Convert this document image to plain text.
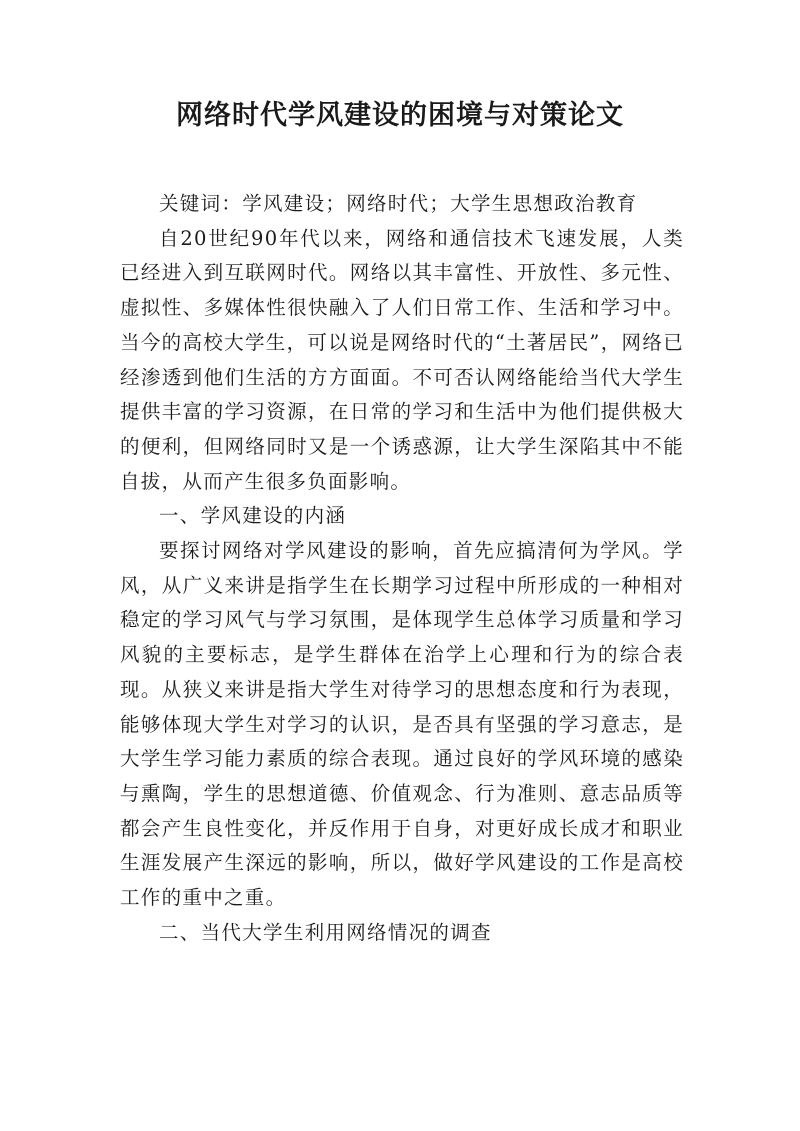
网络时代学风建设的困境与对策论文

关键词：学风建设；网络时代；大学生思想政治教育

自20世纪90年代以来，网络和通信技术飞速发展，人类已经进入到互联网时代。网络以其丰富性、开放性、多元性、虚拟性、多媒体性很快融入了人们日常工作、生活和学习中。当今的高校大学生，可以说是网络时代的“土著居民”，网络已经渗透到他们生活的方方面面。不可否认网络能给当代大学生提供丰富的学习资源，在日常的学习和生活中为他们提供极大的便利，但网络同时又是一个诱惑源，让大学生深陷其中不能自拔，从而产生很多负面影响。

一、学风建设的内涵

要探讨网络对学风建设的影响，首先应搞清何为学风。学风，从广义来讲是指学生在长期学习过程中所形成的一种相对稳定的学习风气与学习氛围，是体现学生总体学习质量和学习风貌的主要标志，是学生群体在治学上心理和行为的综合表现。从狭义来讲是指大学生对待学习的思想态度和行为表现，能够体现大学生对学习的认识，是否具有坚强的学习意志，是大学生学习能力素质的综合表现。通过良好的学风环境的感染与熏陶，学生的思想道德、价值观念、行为准则、意志品质等都会产生良性变化，并反作用于自身，对更好成长成才和职业生涯发展产生深远的影响，所以，做好学风建设的工作是高校工作的重中之重。

二、当代大学生利用网络情况的调查
